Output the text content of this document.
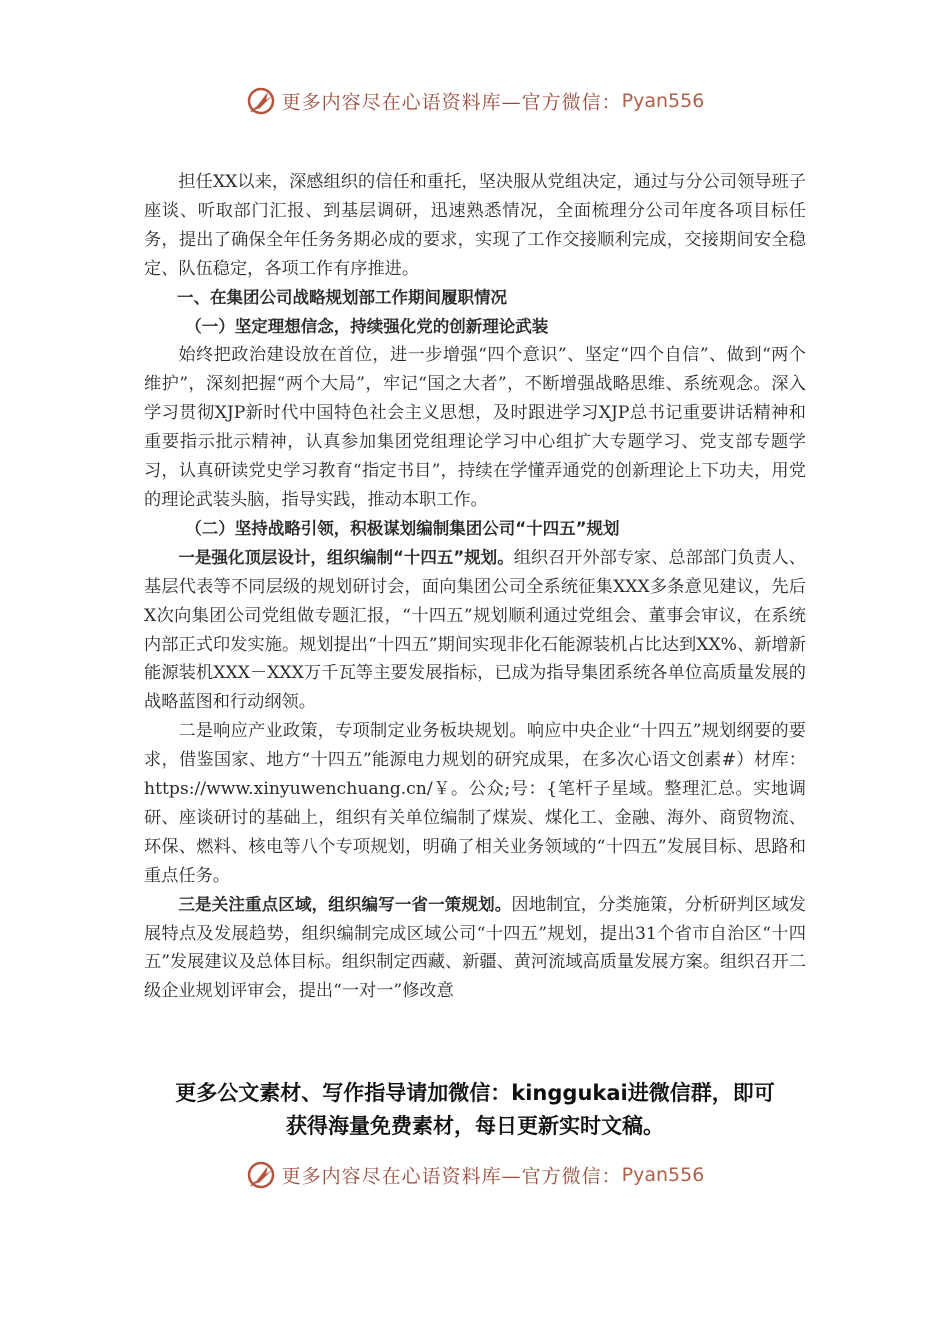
更多内容尽在心语资料库—官方微信：Pyan556

担任XX以来，深感组织的信任和重托，坚决服从党组决定，通过与分公司领导班子座谈、听取部门汇报、到基层调研，迅速熟悉情况，全面梳理分公司年度各项目标任务，提出了确保全年任务务期必成的要求，实现了工作交接顺利完成，交接期间安全稳定、队伍稳定，各项工作有序推进。

一、在集团公司战略规划部工作期间履职情况

（一）坚定理想信念，持续强化党的创新理论武装

始终把政治建设放在首位，进一步增强“四个意识”、坚定“四个自信”、做到“两个维护”，深刻把握“两个大局”，牢记“国之大者”，不断增强战略思维、系统观念。深入学习贯彻XJP新时代中国特色社会主义思想，及时跟进学习XJP总书记重要讲话精神和重要指示批示精神，认真参加集团党组理论学习中心组扩大专题学习、党支部专题学习，认真研读党史学习教育“指定书目”，持续在学懂弄通党的创新理论上下功夫，用党的理论武装头脑，指导实践，推动本职工作。

（二）坚持战略引领，积极谋划编制集团公司“十四五”规划

一是强化顶层设计，组织编制“十四五”规划。组织召开外部专家、总部部门负责人、基层代表等不同层级的规划研讨会，面向集团公司全系统征集XXX多条意见建议，先后X次向集团公司党组做专题汇报，“十四五”规划顺利通过党组会、董事会审议，在系统内部正式印发实施。规划提出“十四五”期间实现非化石能源装机占比达到XX%、新增新能源装机XXX－XXX万千瓦等主要发展指标，已成为指导集团系统各单位高质量发展的战略蓝图和行动纲领。

二是响应产业政策，专项制定业务板块规划。响应中央企业“十四五”规划纲要的要求，借鉴国家、地方“十四五”能源电力规划的研究成果，在多次心语文创素#）材库：https://www.xinyuwenchuang.cn/￥。公众;号：{笔杆子星域。整理汇总。实地调研、座谈研讨的基础上，组织有关单位编制了煤炭、煤化工、金融、海外、商贸物流、环保、燃料、核电等八个专项规划，明确了相关业务领域的“十四五”发展目标、思路和重点任务。

三是关注重点区域，组织编写一省一策规划。因地制宜，分类施策，分析研判区域发展特点及发展趋势，组织编制完成区域公司“十四五”规划，提出31个省市自治区“十四五”发展建议及总体目标。组织制定西藏、新疆、黄河流域高质量发展方案。组织召开二级企业规划评审会，提出“一对一”修改意

更多公文素材、写作指导请加微信：kinggukai进微信群，即可
获得海量免费素材，每日更新实时文稿。
更多内容尽在心语资料库—官方微信：Pyan556
